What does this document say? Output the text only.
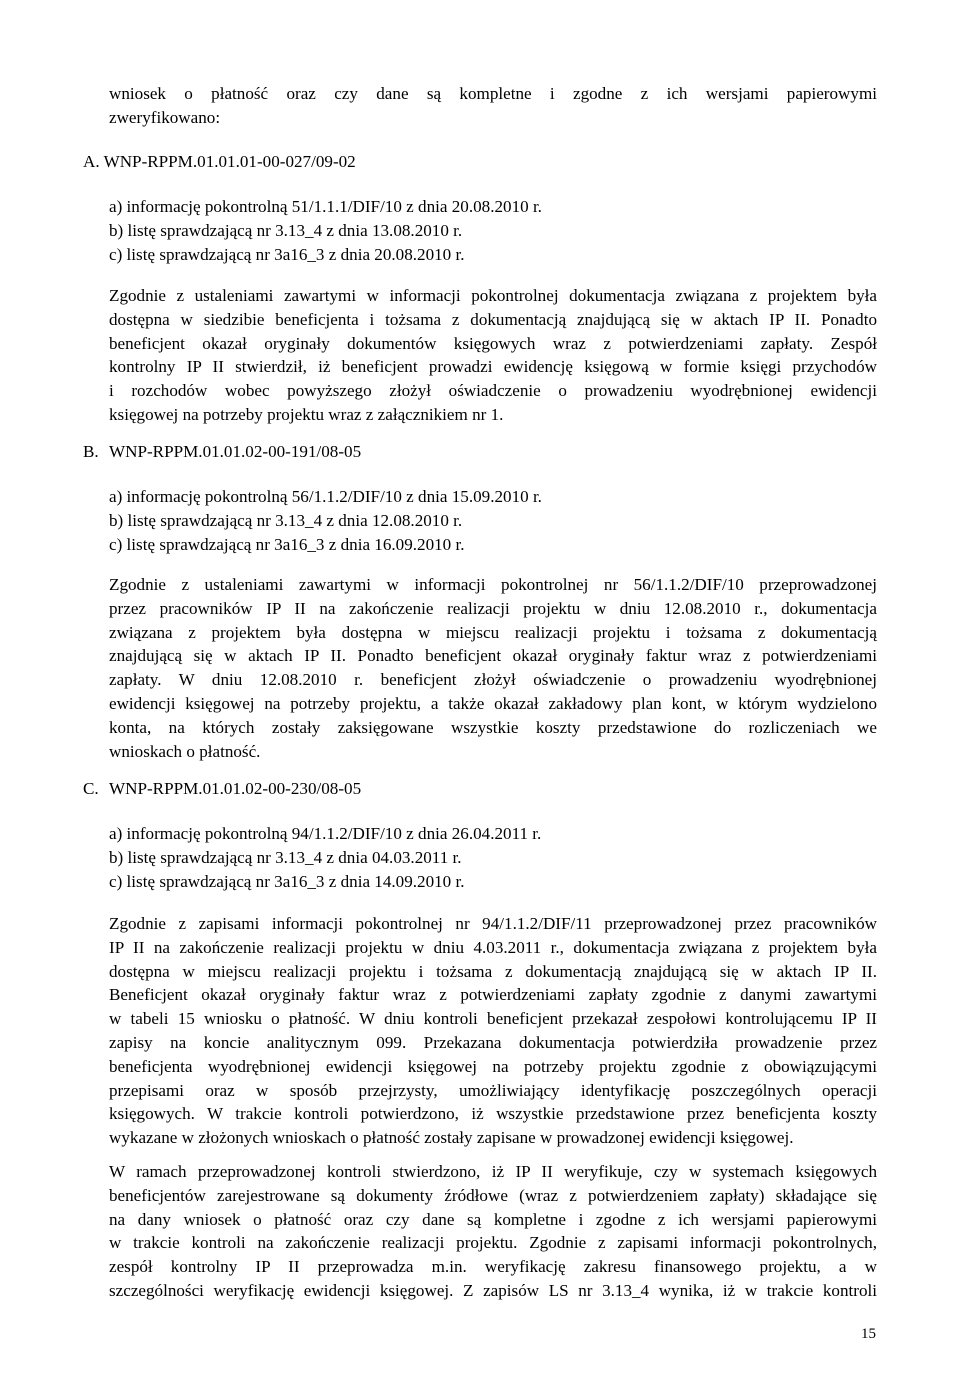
wniosek o płatność oraz czy dane są kompletne i zgodne z ich wersjami papierowymi
zweryfikowano:
A. WNP-RPPM.01.01.01-00-027/09-02
a) informację pokontrolną 51/1.1.1/DIF/10 z dnia 20.08.2010 r.
b) listę sprawdzającą nr 3.13_4 z dnia 13.08.2010 r.
c) listę sprawdzającą nr 3a16_3 z dnia 20.08.2010 r.
Zgodnie z ustaleniami zawartymi w informacji pokontrolnej dokumentacja związana z projektem była
dostępna w siedzibie beneficjenta i tożsama z dokumentacją znajdującą się w aktach IP II. Ponadto
beneficjent okazał oryginały dokumentów księgowych wraz z potwierdzeniami zapłaty. Zespół
kontrolny IP II stwierdził, iż beneficjent prowadzi ewidencję księgową w formie księgi przychodów
i rozchodów wobec powyższego złożył oświadczenie o prowadzeniu wyodrębnionej ewidencji
księgowej na potrzeby projektu wraz z załącznikiem nr 1.
B. WNP-RPPM.01.01.02-00-191/08-05
a) informację pokontrolną 56/1.1.2/DIF/10 z dnia 15.09.2010 r.
b) listę sprawdzającą nr 3.13_4 z dnia 12.08.2010 r.
c) listę sprawdzającą nr 3a16_3 z dnia 16.09.2010 r.
Zgodnie z ustaleniami zawartymi w informacji pokontrolnej nr 56/1.1.2/DIF/10 przeprowadzonej
przez pracowników IP II na zakończenie realizacji projektu w dniu 12.08.2010 r., dokumentacja
związana z projektem była dostępna w miejscu realizacji projektu i tożsama z dokumentacją
znajdującą się w aktach IP II. Ponadto beneficjent okazał oryginały faktur wraz z potwierdzeniami
zapłaty. W dniu 12.08.2010 r. beneficjent złożył oświadczenie o prowadzeniu wyodrębnionej
ewidencji księgowej na potrzeby projektu, a także okazał zakładowy plan kont, w którym wydzielono
konta, na których zostały zaksięgowane wszystkie koszty przedstawione do rozliczeniach we
wnioskach o płatność.
C. WNP-RPPM.01.01.02-00-230/08-05
a) informację pokontrolną 94/1.1.2/DIF/10 z dnia 26.04.2011 r.
b) listę sprawdzającą nr 3.13_4 z dnia 04.03.2011 r.
c) listę sprawdzającą nr 3a16_3 z dnia 14.09.2010 r.
Zgodnie z zapisami informacji pokontrolnej nr 94/1.1.2/DIF/11 przeprowadzonej przez pracowników
IP II na zakończenie realizacji projektu w dniu 4.03.2011 r., dokumentacja związana z projektem była
dostępna w miejscu realizacji projektu i tożsama z dokumentacją znajdującą się w aktach IP II.
Beneficjent okazał oryginały faktur wraz z potwierdzeniami zapłaty zgodnie z danymi zawartymi
w tabeli 15 wniosku o płatność. W dniu kontroli beneficjent przekazał zespołowi kontrolującemu IP II
zapisy na koncie analitycznym 099. Przekazana dokumentacja potwierdziła prowadzenie przez
beneficjenta wyodrębnionej ewidencji księgowej na potrzeby projektu zgodnie z obowiązującymi
przepisami oraz w sposób przejrzysty, umożliwiający identyfikację poszczególnych operacji
księgowych. W trakcie kontroli potwierdzono, iż wszystkie przedstawione przez beneficjenta koszty
wykazane w złożonych wnioskach o płatność zostały zapisane w prowadzonej ewidencji księgowej.
W ramach przeprowadzonej kontroli stwierdzono, iż IP II weryfikuje, czy w systemach księgowych
beneficjentów zarejestrowane są dokumenty źródłowe (wraz z potwierdzeniem zapłaty) składające się
na dany wniosek o płatność oraz czy dane są kompletne i zgodne z ich wersjami papierowymi
w trakcie kontroli na zakończenie realizacji projektu. Zgodnie z zapisami informacji pokontrolnych,
zespół kontrolny IP II przeprowadza m.in. weryfikację zakresu finansowego projektu, a w
szczególności weryfikację ewidencji księgowej. Z zapisów LS nr 3.13_4 wynika, iż w trakcie kontroli
15
